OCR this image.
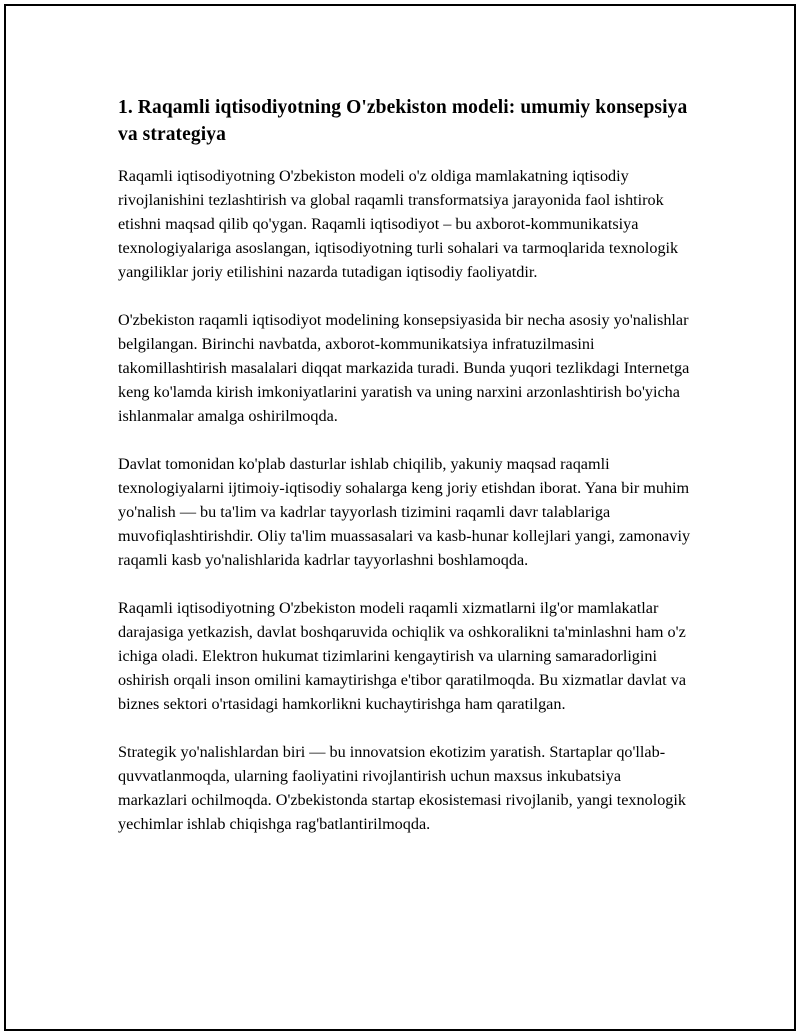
1. Raqamli iqtisodiyotning O'zbekiston modeli: umumiy konsepsiya va strategiya

Raqamli iqtisodiyotning O'zbekiston modeli o'z oldiga mamlakatning iqtisodiy rivojlanishini tezlashtirish va global raqamli transformatsiya jarayonida faol ishtirok etishni maqsad qilib qo'ygan. Raqamli iqtisodiyot – bu axborot-kommunikatsiya texnologiyalariga asoslangan, iqtisodiyotning turli sohalari va tarmoqlarida texnologik yangiliklar joriy etilishini nazarda tutadigan iqtisodiy faoliyatdir.

O'zbekiston raqamli iqtisodiyot modelining konsepsiyasida bir necha asosiy yo'nalishlar belgilangan. Birinchi navbatda, axborot-kommunikatsiya infratuzilmasini takomillashtirish masalalari diqqat markazida turadi. Bunda yuqori tezlikdagi Internetga keng ko'lamda kirish imkoniyatlarini yaratish va uning narxini arzonlashtirish bo'yicha ishlanmalar amalga oshirilmoqda.

Davlat tomonidan ko'plab dasturlar ishlab chiqilib, yakuniy maqsad raqamli texnologiyalarni ijtimoiy-iqtisodiy sohalarga keng joriy etishdan iborat. Yana bir muhim yo'nalish — bu ta'lim va kadrlar tayyorlash tizimini raqamli davr talablariga muvofiqlashtirishdir. Oliy ta'lim muassasalari va kasb-hunar kollejlari yangi, zamonaviy raqamli kasb yo'nalishlarida kadrlar tayyorlashni boshlamoqda.

Raqamli iqtisodiyotning O'zbekiston modeli raqamli xizmatlarni ilg'or mamlakatlar darajasiga yetkazish, davlat boshqaruvida ochiqlik va oshkoralikni ta'minlashni ham o'z ichiga oladi. Elektron hukumat tizimlarini kengaytirish va ularning samaradorligini oshirish orqali inson omilini kamaytirishga e'tibor qaratilmoqda. Bu xizmatlar davlat va biznes sektori o'rtasidagi hamkorlikni kuchaytirishga ham qaratilgan.

Strategik yo'nalishlardan biri — bu innovatsion ekotizim yaratish. Startaplar qo'llab-quvvatlanmoqda, ularning faoliyatini rivojlantirish uchun maxsus inkubatsiya markazlari ochilmoqda. O'zbekistonda startap ekosistemasi rivojlanib, yangi texnologik yechimlar ishlab chiqishga rag'batlantirilmoqda.
